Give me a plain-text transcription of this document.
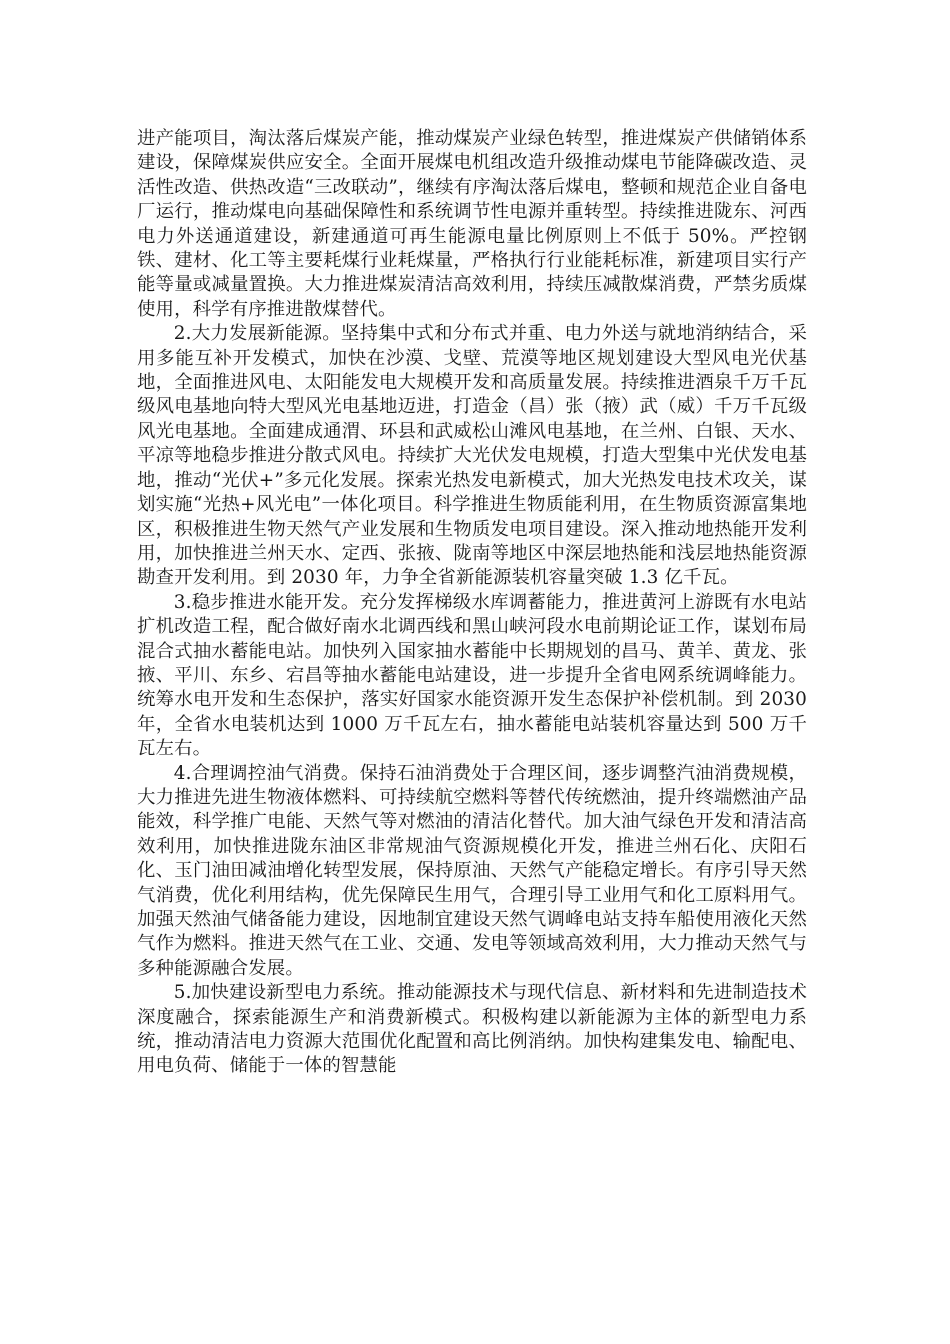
进产能项目，淘汰落后煤炭产能，推动煤炭产业绿色转型，推进煤炭产供储销体系建设，保障煤炭供应安全。全面开展煤电机组改造升级推动煤电节能降碳改造、灵活性改造、供热改造“三改联动”，继续有序淘汰落后煤电，整顿和规范企业自备电厂运行，推动煤电向基础保障性和系统调节性电源并重转型。持续推进陇东、河西电力外送通道建设，新建通道可再生能源电量比例原则上不低于 50%。严控钢铁、建材、化工等主要耗煤行业耗煤量，严格执行行业能耗标准，新建项目实行产能等量或减量置换。大力推进煤炭清洁高效利用，持续压减散煤消费，严禁劣质煤使用，科学有序推进散煤替代。

2.大力发展新能源。坚持集中式和分布式并重、电力外送与就地消纳结合，采用多能互补开发模式，加快在沙漠、戈壁、荒漠等地区规划建设大型风电光伏基地，全面推进风电、太阳能发电大规模开发和高质量发展。持续推进酒泉千万千瓦级风电基地向特大型风光电基地迈进，打造金（昌）张（掖）武（威）千万千瓦级风光电基地。全面建成通渭、环县和武威松山滩风电基地，在兰州、白银、天水、平凉等地稳步推进分散式风电。持续扩大光伏发电规模，打造大型集中光伏发电基地，推动“光伏+”多元化发展。探索光热发电新模式，加大光热发电技术攻关，谋划实施“光热+风光电”一体化项目。科学推进生物质能利用，在生物质资源富集地区，积极推进生物天然气产业发展和生物质发电项目建设。深入推动地热能开发利用，加快推进兰州天水、定西、张掖、陇南等地区中深层地热能和浅层地热能资源勘查开发利用。到 2030 年，力争全省新能源装机容量突破 1.3 亿千瓦。

3.稳步推进水能开发。充分发挥梯级水库调蓄能力，推进黄河上游既有水电站扩机改造工程，配合做好南水北调西线和黑山峡河段水电前期论证工作，谋划布局混合式抽水蓄能电站。加快列入国家抽水蓄能中长期规划的昌马、黄羊、黄龙、张掖、平川、东乡、宕昌等抽水蓄能电站建设，进一步提升全省电网系统调峰能力。统筹水电开发和生态保护，落实好国家水能资源开发生态保护补偿机制。到 2030 年，全省水电装机达到 1000 万千瓦左右，抽水蓄能电站装机容量达到 500 万千瓦左右。

4.合理调控油气消费。保持石油消费处于合理区间，逐步调整汽油消费规模，大力推进先进生物液体燃料、可持续航空燃料等替代传统燃油，提升终端燃油产品能效，科学推广电能、天然气等对燃油的清洁化替代。加大油气绿色开发和清洁高效利用，加快推进陇东油区非常规油气资源规模化开发，推进兰州石化、庆阳石化、玉门油田减油增化转型发展，保持原油、天然气产能稳定增长。有序引导天然气消费，优化利用结构，优先保障民生用气，合理引导工业用气和化工原料用气。加强天然油气储备能力建设，因地制宜建设天然气调峰电站支持车船使用液化天然气作为燃料。推进天然气在工业、交通、发电等领域高效利用，大力推动天然气与多种能源融合发展。

5.加快建设新型电力系统。推动能源技术与现代信息、新材料和先进制造技术深度融合，探索能源生产和消费新模式。积极构建以新能源为主体的新型电力系统，推动清洁电力资源大范围优化配置和高比例消纳。加快构建集发电、输配电、用电负荷、储能于一体的智慧能
